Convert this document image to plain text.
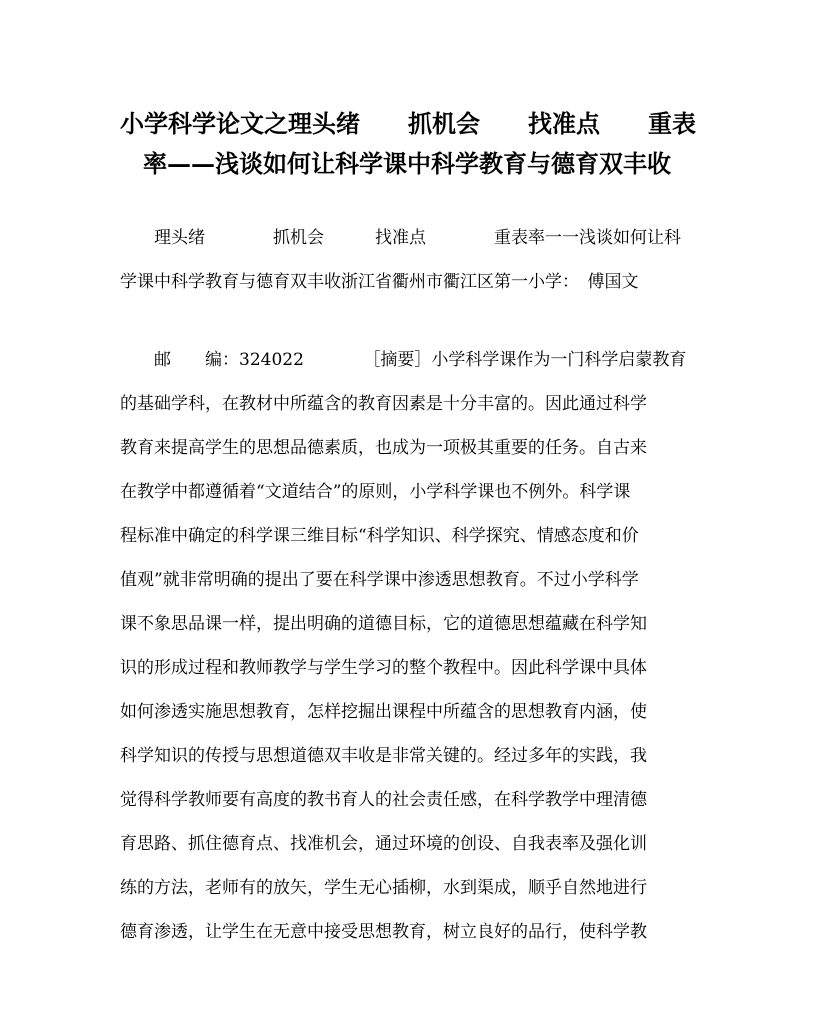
小学科学论文之理头绪　　抓机会　　找准点　　重表
率——浅谈如何让科学课中科学教育与德育双丰收
　　理头绪　　　　抓机会　　　找准点　　　　重表率一一浅谈如何让科
学课中科学教育与德育双丰收浙江省衢州市衢江区第一小学：　傅国文
　　邮　　编：324022　　　　［摘要］小学科学课作为一门科学启蒙教育
的基础学科，在教材中所蕴含的教育因素是十分丰富的。因此通过科学
教育来提高学生的思想品德素质，也成为一项极其重要的任务。自古来
在教学中都遵循着“文道结合”的原则，小学科学课也不例外。科学课
程标准中确定的科学课三维目标“科学知识、科学探究、情感态度和价
值观”就非常明确的提出了要在科学课中渗透思想教育。不过小学科学
课不象思品课一样，提出明确的道德目标，它的道德思想蕴藏在科学知
识的形成过程和教师教学与学生学习的整个教程中。因此科学课中具体
如何渗透实施思想教育，怎样挖掘出课程中所蕴含的思想教育内涵，使
科学知识的传授与思想道德双丰收是非常关键的。经过多年的实践，我
觉得科学教师要有高度的教书育人的社会责任感，在科学教学中理清德
育思路、抓住德育点、找准机会，通过环境的创设、自我表率及强化训
练的方法，老师有的放矢，学生无心插柳，水到渠成，顺乎自然地进行
德育渗透，让学生在无意中接受思想教育，树立良好的品行，使科学教
